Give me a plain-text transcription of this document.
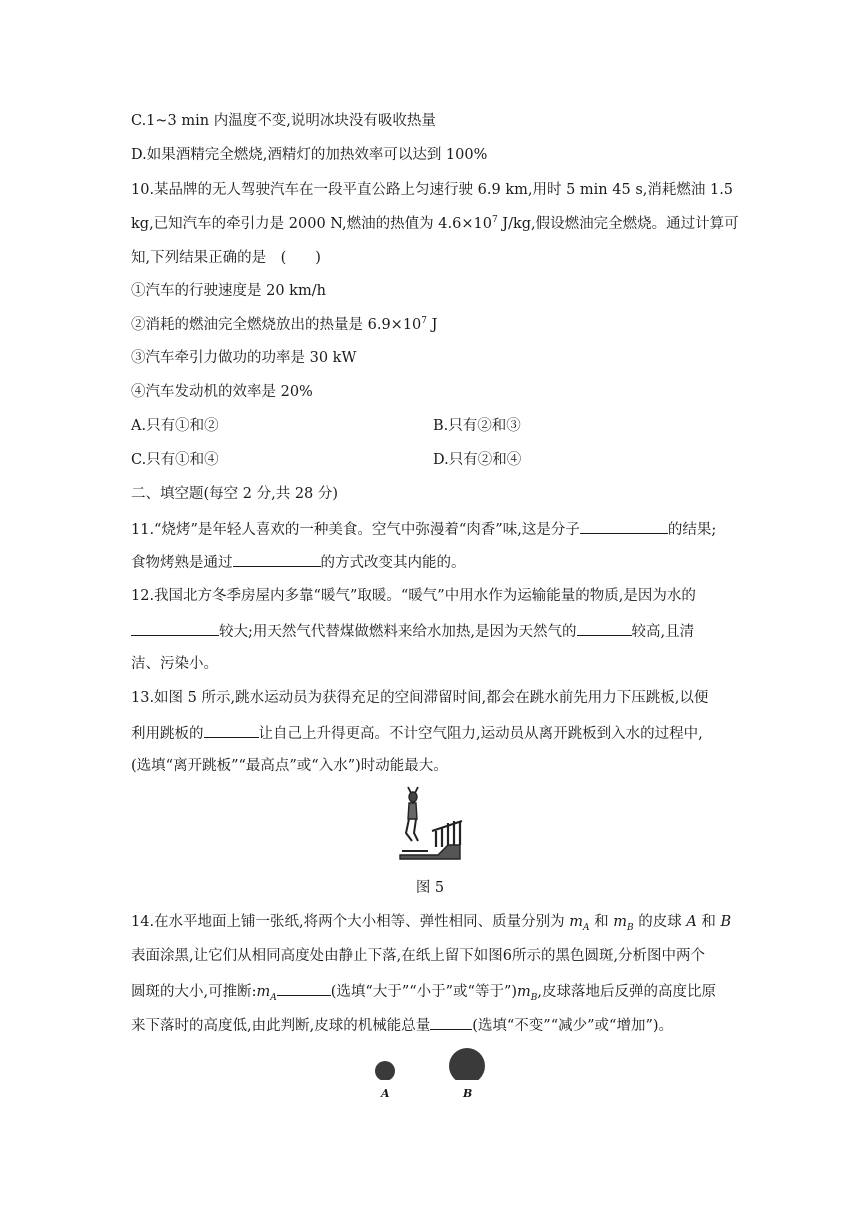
C.1~3 min 内温度不变,说明冰块没有吸收热量
D.如果酒精完全燃烧,酒精灯的加热效率可以达到 100%
10.某品牌的无人驾驶汽车在一段平直公路上匀速行驶 6.9 km,用时 5 min 45 s,消耗燃油 1.5
kg,已知汽车的牵引力是 2000 N,燃油的热值为 $4.6\times 10^7$ J/kg,假设燃油完全燃烧。通过计算可
知,下列结果正确的是　(　　)
①汽车的行驶速度是 20 km/h
②消耗的燃油完全燃烧放出的热量是 $6.9\times 10^7$ J
③汽车牵引力做功的功率是 30 kW
④汽车发动机的效率是 20%
A.只有①和②	B.只有②和③
C.只有①和④	D.只有②和④
二、填空题(每空 2 分,共 28 分)
11.“烧烤”是年轻人喜欢的一种美食。空气中弥漫着“肉香”味,这是分子	的结果;
食物烤熟是通过	的方式改变其内能的。
12.我国北方冬季房屋内多靠“暖气”取暖。“暖气”中用水作为运输能量的物质,是因为水的
较大;用天然气代替煤做燃料来给水加热,是因为天然气的	较高,且清
洁、污染小。
13.如图 5 所示,跳水运动员为获得充足的空间滞留时间,都会在跳水前先用力下压跳板,以便
利用跳板的	让自己上升得更高。不计空气阻力,运动员从离开跳板到入水的过程中,
(选填“离开跳板”“最高点”或“入水”)时动能最大。
图 5
14.在水平地面上铺一张纸,将两个大小相等、弹性相同、质量分别为 $m_A$ 和 $m_B$ 的皮球 A 和 B
表面涂黑,让它们从相同高度处由静止下落,在纸上留下如图6所示的黑色圆斑,分析图中两个
圆斑的大小,可推断$:m_A$	(选填“大于”“小于”或“等于$”)m_B$,皮球落地后反弹的高度比原
来下落时的高度低,由此判断,皮球的机械能总量	(选填“不变”“减少”或“增加”)。
A	B
